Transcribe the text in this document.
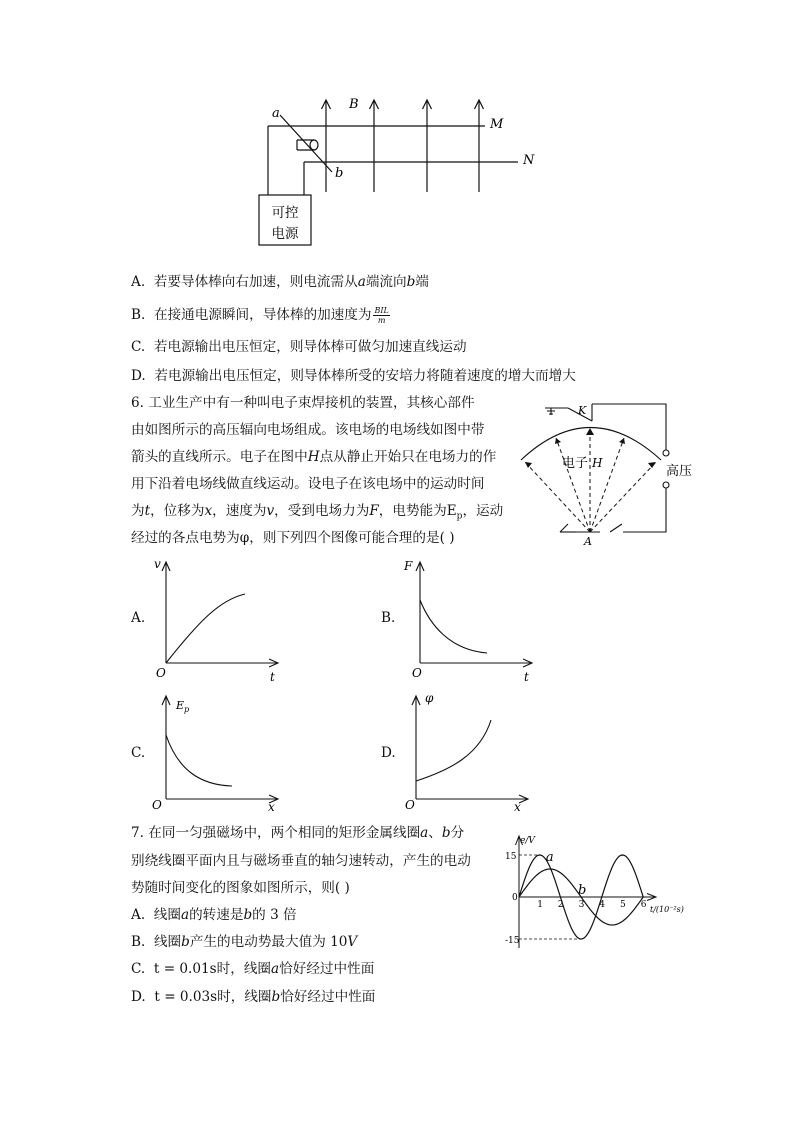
a
b
B
M
N
可控
电源
A. 若要导体棒向右加速，则电流需从a端流向b端
B. 在接通电源瞬间，导体棒的加速度为 $\frac{\text{BIL}}{m}$
C. 若电源输出电压恒定，则导体棒可做匀加速直线运动
D. 若电源输出电压恒定，则导体棒所受的安培力将随着速度的增大而增大
6. 工业生产中有一种叫电子束焊接机的装置，其核心部件
由如图所示的高压辐向电场组成。该电场的电场线如图中带
箭头的直线所示。电子在图中H点从静止开始只在电场力的作
用下沿着电场线做直线运动。设电子在该电场中的运动时间
为t，位移为x，速度为v，受到电场力为F，电势能为$E_p$，运动
经过的各点电势为φ，则下列四个图像可能合理的是( )
K
电子 H
高压
A
A.
v
O	t
B.
F
O	t
C.
$E_p$
O	x
D.
φ
O	x
7. 在同一匀强磁场中，两个相同的矩形金属线圈a、b分
别绕线圈平面内且与磁场垂直的轴匀速转动，产生的电动
势随时间变化的图象如图所示，则( )
A. 线圈a的转速是b的 3 倍
B. 线圈b产生的电动势最大值为 10V
C. t = 0.01s时，线圈a恰好经过中性面
D. t = 0.03s时，线圈b恰好经过中性面
1 2 3 4 5 6
15
0
-15
e/V
t/(10⁻²s)
a
b
